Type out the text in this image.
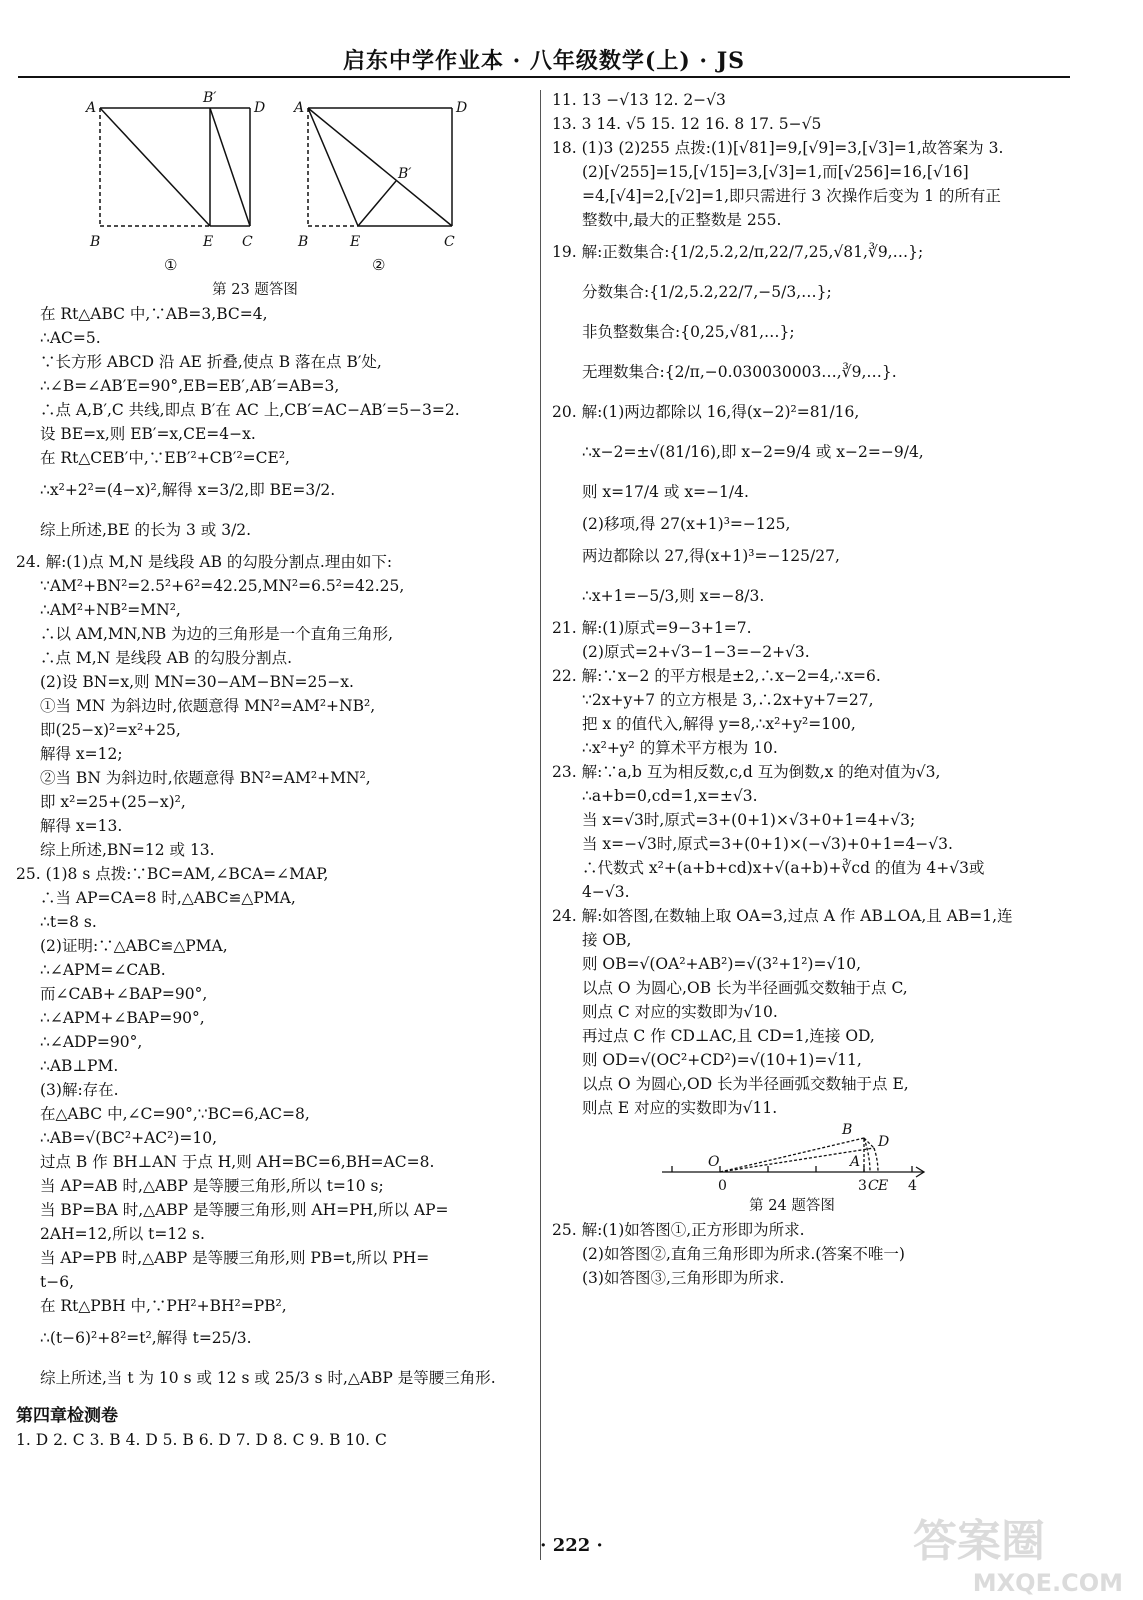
启东中学作业本 · 八年级数学(上) · JS
A
B′
D
B	E C
A	D
B′
B	E	C
①	②
第 23 题答图
在 Rt△ABC 中,∵AB=3,BC=4,
∴AC=5.
∵长方形 ABCD 沿 AE 折叠,使点 B 落在点 B′处,
∴∠B=∠AB′E=90°,EB=EB′,AB′=AB=3,
∴点 A,B′,C 共线,即点 B′在 AC 上,CB′=AC−AB′=5−3=2.
设 BE=x,则 EB′=x,CE=4−x.
在 Rt△CEB′中,∵EB′²+CB′²=CE²,
∴x²+2²=(4−x)²,解得 x=3/2,即 BE=3/2.
综上所述,BE 的长为 3 或 3/2.
24. 解:(1)点 M,N 是线段 AB 的勾股分割点.理由如下:
∵AM²+BN²=2.5²+6²=42.25,MN²=6.5²=42.25,
∴AM²+NB²=MN²,
∴以 AM,MN,NB 为边的三角形是一个直角三角形,
∴点 M,N 是线段 AB 的勾股分割点.
(2)设 BN=x,则 MN=30−AM−BN=25−x.
①当 MN 为斜边时,依题意得 MN²=AM²+NB²,
即(25−x)²=x²+25,
解得 x=12;
②当 BN 为斜边时,依题意得 BN²=AM²+MN²,
即 x²=25+(25−x)²,
解得 x=13.
综上所述,BN=12 或 13.
25. (1)8 s 点拨:∵BC=AM,∠BCA=∠MAP,
∴当 AP=CA=8 时,△ABC≌△PMA,
∴t=8 s.
(2)证明:∵△ABC≌△PMA,
∴∠APM=∠CAB.
而∠CAB+∠BAP=90°,
∴∠APM+∠BAP=90°,
∴∠ADP=90°,
∴AB⊥PM.
(3)解:存在.
在△ABC 中,∠C=90°,∵BC=6,AC=8,
∴AB=√(BC²+AC²)=10,
过点 B 作 BH⊥AN 于点 H,则 AH=BC=6,BH=AC=8.
当 AP=AB 时,△ABP 是等腰三角形,所以 t=10 s;
当 BP=BA 时,△ABP 是等腰三角形,则 AH=PH,所以 AP=
2AH=12,所以 t=12 s.
当 AP=PB 时,△ABP 是等腰三角形,则 PB=t,所以 PH=
t−6,
在 Rt△PBH 中,∵PH²+BH²=PB²,
∴(t−6)²+8²=t²,解得 t=25/3.
综上所述,当 t 为 10 s 或 12 s 或 25/3 s 时,△ABP 是等腰三角形.
第四章检测卷
1. D 2. C 3. B 4. D 5. B 6. D 7. D 8. C 9. B 10. C
11. 13 −√13 12. 2−√3
13. 3 14. √5 15. 12 16. 8 17. 5−√5
18. (1)3 (2)255 点拨:(1)[√81]=9,[√9]=3,[√3]=1,故答案为 3.
(2)[√255]=15,[√15]=3,[√3]=1,而[√256]=16,[√16]
=4,[√4]=2,[√2]=1,即只需进行 3 次操作后变为 1 的所有正
整数中,最大的正整数是 255.
19. 解:正数集合:{1/2,5.2,2/π,22/7,25,√81,∛9,…};
分数集合:{1/2,5.2,22/7,−5/3,…};
非负整数集合:{0,25,√81,…};
无理数集合:{2/π,−0.030030003…,∛9,…}.
20. 解:(1)两边都除以 16,得(x−2)²=81/16,
∴x−2=±√(81/16),即 x−2=9/4 或 x−2=−9/4,
则 x=17/4 或 x=−1/4.
(2)移项,得 27(x+1)³=−125,
两边都除以 27,得(x+1)³=−125/27,
∴x+1=−5/3,则 x=−8/3.
21. 解:(1)原式=9−3+1=7.
(2)原式=2+√3−1−3=−2+√3.
22. 解:∵x−2 的平方根是±2,∴x−2=4,∴x=6.
∵2x+y+7 的立方根是 3,∴2x+y+7=27,
把 x 的值代入,解得 y=8,∴x²+y²=100,
∴x²+y² 的算术平方根为 10.
23. 解:∵a,b 互为相反数,c,d 互为倒数,x 的绝对值为√3,
∴a+b=0,cd=1,x=±√3.
当 x=√3时,原式=3+(0+1)×√3+0+1=4+√3;
当 x=−√3时,原式=3+(0+1)×(−√3)+0+1=4−√3.
∴代数式 x²+(a+b+cd)x+√(a+b)+∛cd 的值为 4+√3或
4−√3.
24. 解:如答图,在数轴上取 OA=3,过点 A 作 AB⊥OA,且 AB=1,连
接 OB,
则 OB=√(OA²+AB²)=√(3²+1²)=√10,
以点 O 为圆心,OB 长为半径画弧交数轴于点 C,
则点 C 对应的实数即为√10.
再过点 C 作 CD⊥AC,且 CD=1,连接 OD,
则 OD=√(OC²+CD²)=√(10+1)=√11,
以点 O 为圆心,OD 长为半径画弧交数轴于点 E,
则点 E 对应的实数即为√11.
B
D
O	A
0	3 C E 4
第 24 题答图
25. 解:(1)如答图①,正方形即为所求.
(2)如答图②,直角三角形即为所求.(答案不唯一)
(3)如答图③,三角形即为所求.
· 222 ·	答案圈
MXQE.COM
